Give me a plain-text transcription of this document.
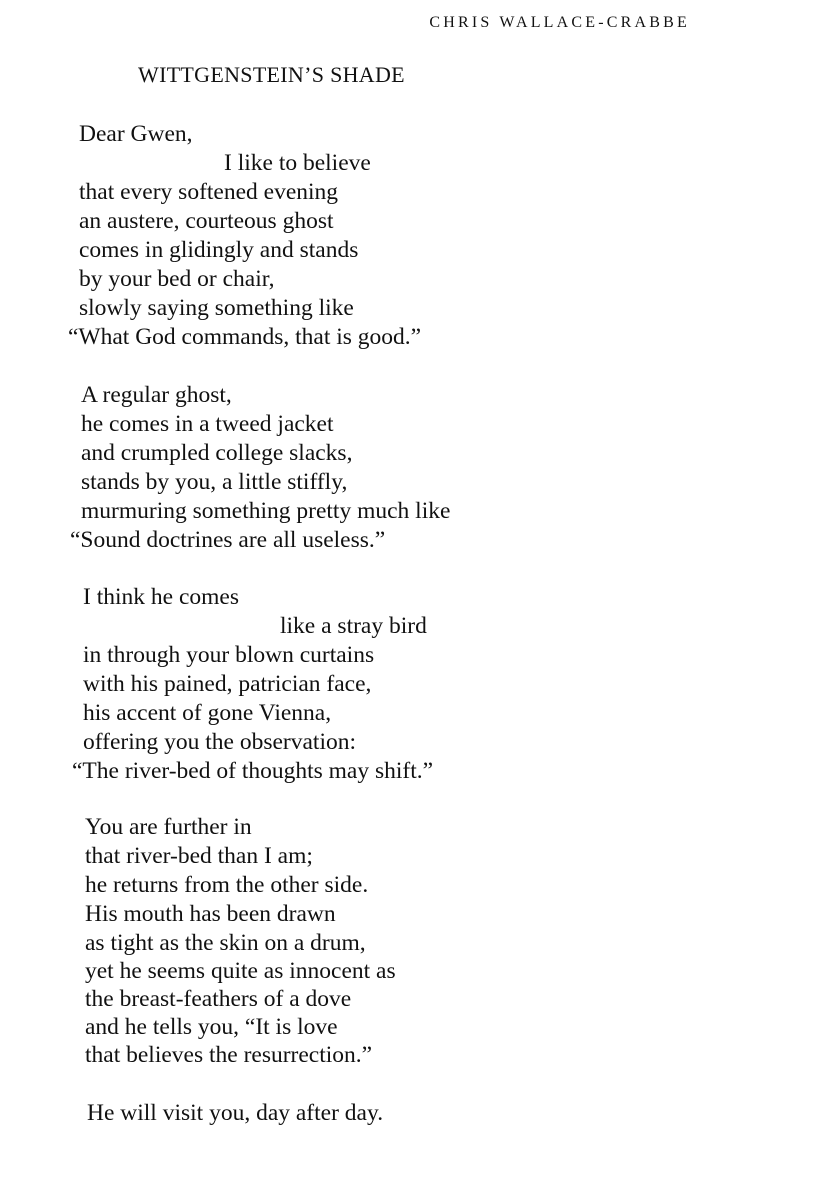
CHRIS WALLACE-CRABBE
WITTGENSTEIN’S SHADE
Dear Gwen,
I like to believe
that every softened evening
an austere, courteous ghost
comes in glidingly and stands
by your bed or chair,
slowly saying something like
“What God commands, that is good.”
A regular ghost,
he comes in a tweed jacket
and crumpled college slacks,
stands by you, a little stiffly,
murmuring something pretty much like
“Sound doctrines are all useless.”
I think he comes
like a stray bird
in through your blown curtains
with his pained, patrician face,
his accent of gone Vienna,
offering you the observation:
“The river-bed of thoughts may shift.”
You are further in
that river-bed than I am;
he returns from the other side.
His mouth has been drawn
as tight as the skin on a drum,
yet he seems quite as innocent as
the breast-feathers of a dove
and he tells you, “It is love
that believes the resurrection.”
He will visit you, day after day.
